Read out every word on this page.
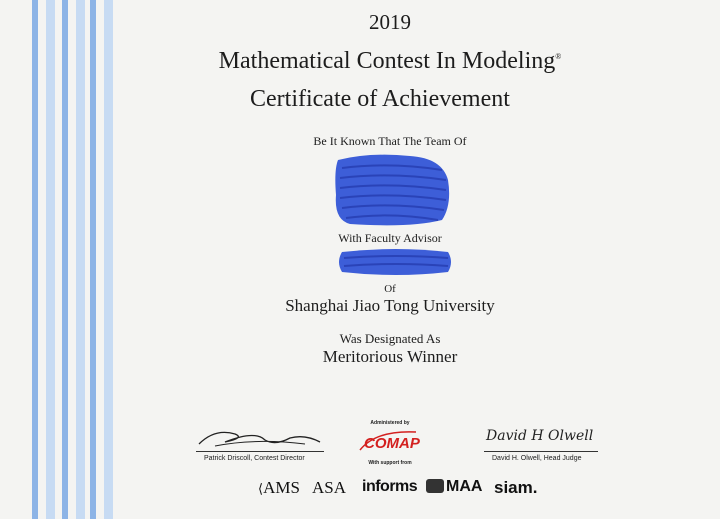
2019
Mathematical Contest In Modeling®
Certificate of Achievement
Be It Known That The Team Of
With Faculty Advisor
Of
Shanghai Jiao Tong University
Was Designated As
Meritorious Winner
Patrick Driscoll, Contest Director
Administered by
COMAP
With support from
David H Olwell
David H. Olwell, Head Judge
⟨AMS ASA informs	MAA siam.
